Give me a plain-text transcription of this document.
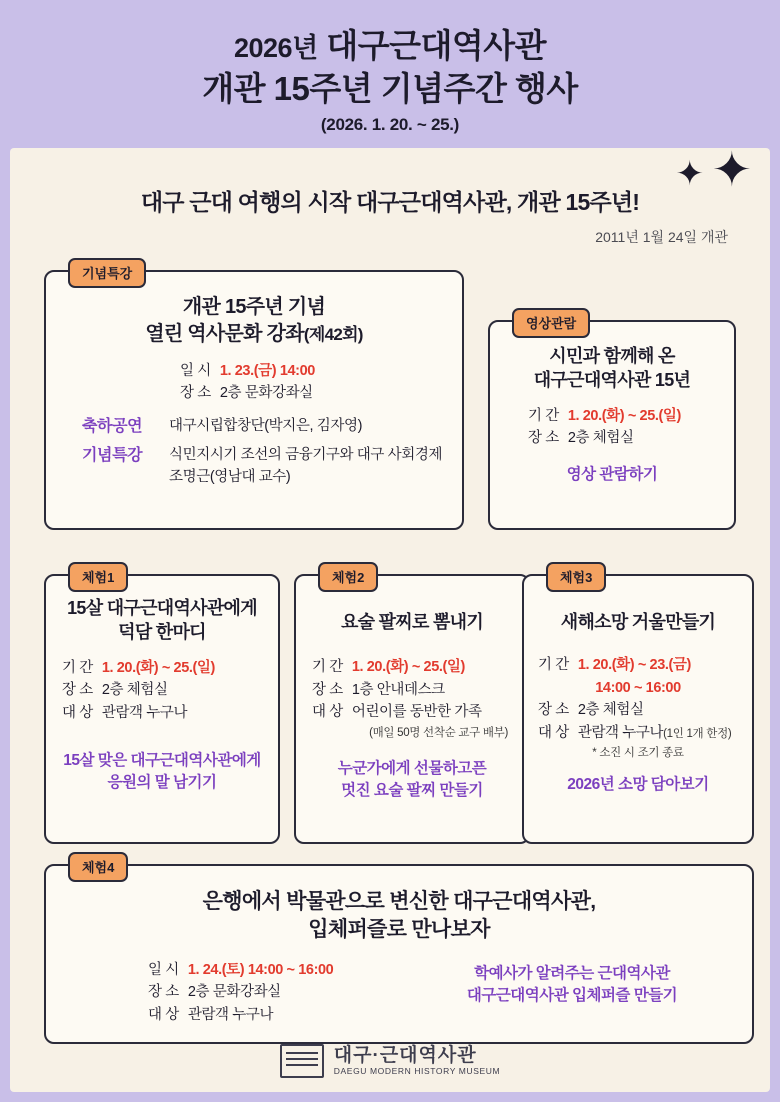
2026년 대구근대역사관
개관 15주년 기념주간 행사
(2026. 1. 20. ~ 25.)
✦ ✦
대구 근대 여행의 시작 대구근대역사관, 개관 15주년!
2011년 1월 24일 개관
기념특강
개관 15주년 기념
열린 역사문화 강좌(제42회)
일 시 1. 23.(금) 14:00
장 소 2층 문화강좌실
축하공연	대구시립합창단(박지은, 김자영)
기념특강	식민지시기 조선의 금융기구와 대구 사회경제
조명근(영남대 교수)
영상관람
시민과 함께해 온
대구근대역사관 15년
기 간 1. 20.(화) ~ 25.(일)
장 소 2층 체험실
영상 관람하기
체험1
15살 대구근대역사관에게
덕담 한마디
기 간 1. 20.(화) ~ 25.(일)
장 소 2층 체험실
대 상 관람객 누구나
15살 맞은 대구근대역사관에게
응원의 말 남기기
체험2
요술 팔찌로 뽐내기
기 간 1. 20.(화) ~ 25.(일)
장 소 1층 안내데스크
대 상 어린이를 동반한 가족
(매일 50명 선착순 교구 배부)
누군가에게 선물하고픈
멋진 요술 팔찌 만들기
체험3
새해소망 거울만들기
기 간 1. 20.(화) ~ 23.(금)
14:00 ~ 16:00
장 소 2층 체험실
대 상 관람객 누구나(1인 1개 한정)
* 소진 시 조기 종료
2026년 소망 담아보기
체험4
은행에서 박물관으로 변신한 대구근대역사관,
입체퍼즐로 만나보자
일 시 1. 24.(토) 14:00 ~ 16:00
장 소 2층 문화강좌실
대 상 관람객 누구나
학예사가 알려주는 근대역사관
대구근대역사관 입체퍼즐 만들기
대구·근대역사관
DAEGU MODERN HISTORY MUSEUM
